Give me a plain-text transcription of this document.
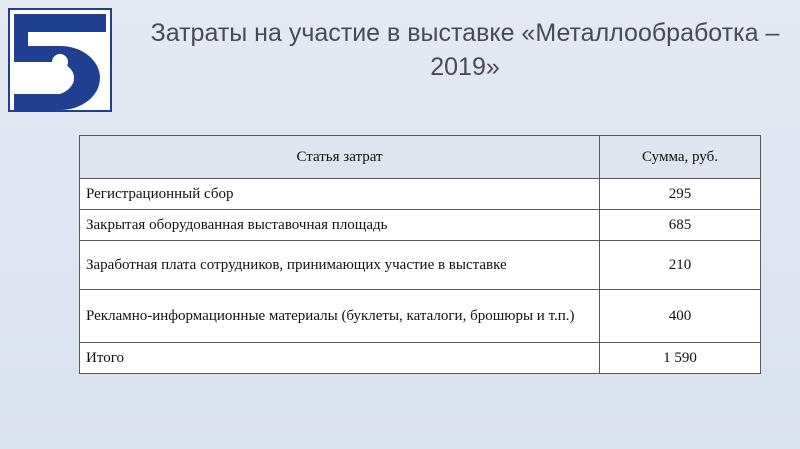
Затраты на участие в выставке «Металлообработка – 2019»
Статья затрат	Сумма, руб.
Регистрационный сбор	295
Закрытая оборудованная выставочная площадь	685
Заработная плата сотрудников, принимающих участие в выставке	210
Рекламно-информационные материалы (буклеты, каталоги, брошюры и т.п.)	400
Итого	1 590
